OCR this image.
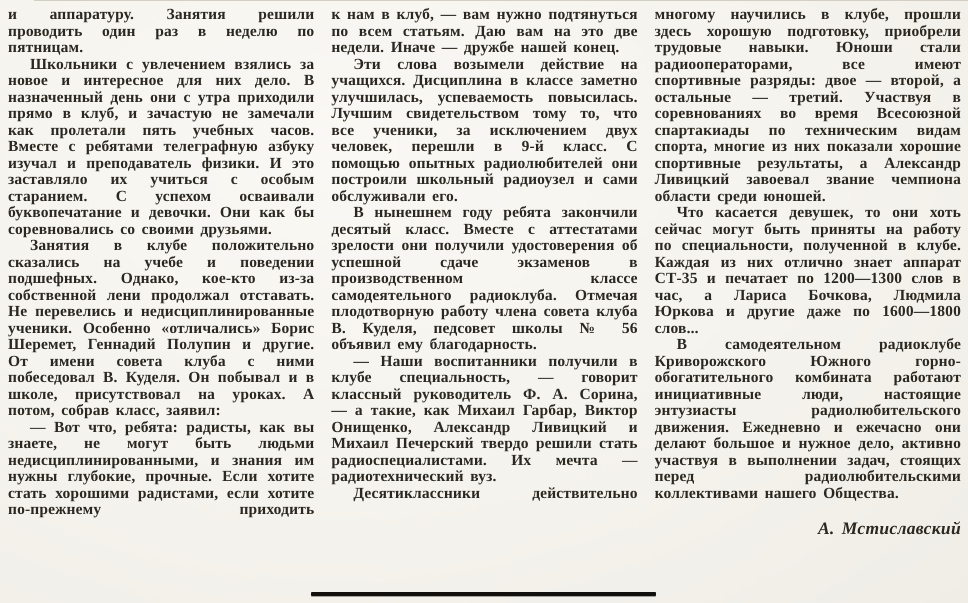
и аппаратуру. Занятия решили проводить один раз в неделю по пятницам.

Школьники с увлечением взялись за новое и интересное для них дело. В назначенный день они с утра приходили прямо в клуб, и зачастую не замечали как пролетали пять учебных часов. Вместе с ребятами телеграфную азбуку изучал и преподаватель физики. И это заставляло их учиться с особым старанием. С успехом осваивали буквопечатание и девочки. Они как бы соревновались со своими друзьями.

Занятия в клубе положительно сказались на учебе и поведении подшефных. Однако, кое-кто из-за собственной лени продолжал отставать. Не перевелись и недисциплинированные ученики. Особенно «отличались» Борис Шеремет, Геннадий Полупин и другие. От имени совета клуба с ними побеседовал В. Куделя. Он побывал и в школе, присутствовал на уроках. А потом, собрав класс, заявил:

— Вот что, ребята: радисты, как вы знаете, не могут быть людьми недисциплинированными, и знания им нужны глубокие, прочные. Если хотите стать хорошими радистами, если хотите по-прежнему приходить

к нам в клуб, — вам нужно подтянуться по всем статьям. Даю вам на это две недели. Иначе — дружбе нашей конец.

Эти слова возымели действие на учащихся. Дисциплина в классе заметно улучшилась, успеваемость повысилась. Лучшим свидетельством тому то, что все ученики, за исключением двух человек, перешли в 9-й класс. С помощью опытных радиолюбителей они построили школьный радиоузел и сами обслуживали его.

В нынешнем году ребята закончили десятый класс. Вместе с аттестатами зрелости они получили удостоверения об успешной сдаче экзаменов в производственном классе самодеятельного радиоклуба. Отмечая плодотворную работу члена совета клуба В. Куделя, педсовет школы № 56 объявил ему благодарность.

— Наши воспитанники получили в клубе специальность, — говорит классный руководитель Ф. А. Сорина, — а такие, как Михаил Гарбар, Виктор Онищенко, Александр Ливицкий и Михаил Печерский твердо решили стать радиоспециалистами. Их мечта — радиотехнический вуз.

Десятиклассники действительно

многому научились в клубе, прошли здесь хорошую подготовку, приобрели трудовые навыки. Юноши стали радиооператорами, все имеют спортивные разряды: двое — второй, а остальные — третий. Участвуя в соревнованиях во время Всесоюзной спартакиады по техническим видам спорта, многие из них показали хорошие спортивные результаты, а Александр Ливицкий завоевал звание чемпиона области среди юношей.

Что касается девушек, то они хоть сейчас могут быть приняты на работу по специальности, полученной в клубе. Каждая из них отлично знает аппарат СТ-35 и печатает по 1200—1300 слов в час, а Лариса Бочкова, Людмила Юркова и другие даже по 1600—1800 слов...

В самодеятельном радиоклубе Криворожского Южного горно-обогатительного комбината работают инициативные люди, настоящие энтузиасты радиолюбительского движения. Ежедневно и ежечасно они делают большое и нужное дело, активно участвуя в выполнении задач, стоящих перед радиолюбительскими коллективами нашего Общества.

А. Мстиславский
